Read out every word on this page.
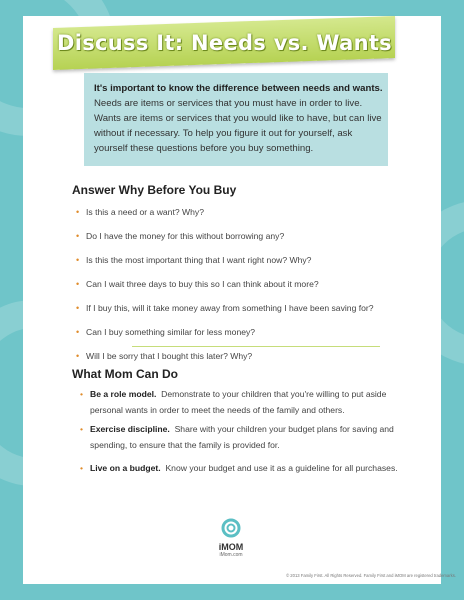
Discuss It: Needs vs. Wants
It's important to know the difference between needs and wants. Needs are items or services that you must have in order to live. Wants are items or services that you would like to have, but can live without if necessary. To help you figure it out for yourself, ask yourself these questions before you buy something.
Answer Why Before You Buy
• Is this a need or a want? Why?
• Do I have the money for this without borrowing any?
• Is this the most important thing that I want right now? Why?
• Can I wait three days to buy this so I can think about it more?
• If I buy this, will it take money away from something I have been saving for?
• Can I buy something similar for less money?
• Will I be sorry that I bought this later? Why?
What Mom Can Do
• Be a role model. Demonstrate to your children that you're willing to put aside personal wants in order to meet the needs of the family and others.
• Exercise discipline. Share with your children your budget plans for saving and spending, to ensure that the family is provided for.
• Live on a budget. Know your budget and use it as a guideline for all purchases.
iMOM
iMom.com
© 2013 Family First. All Rights Reserved. Family First and iMOM are registered trademarks.
